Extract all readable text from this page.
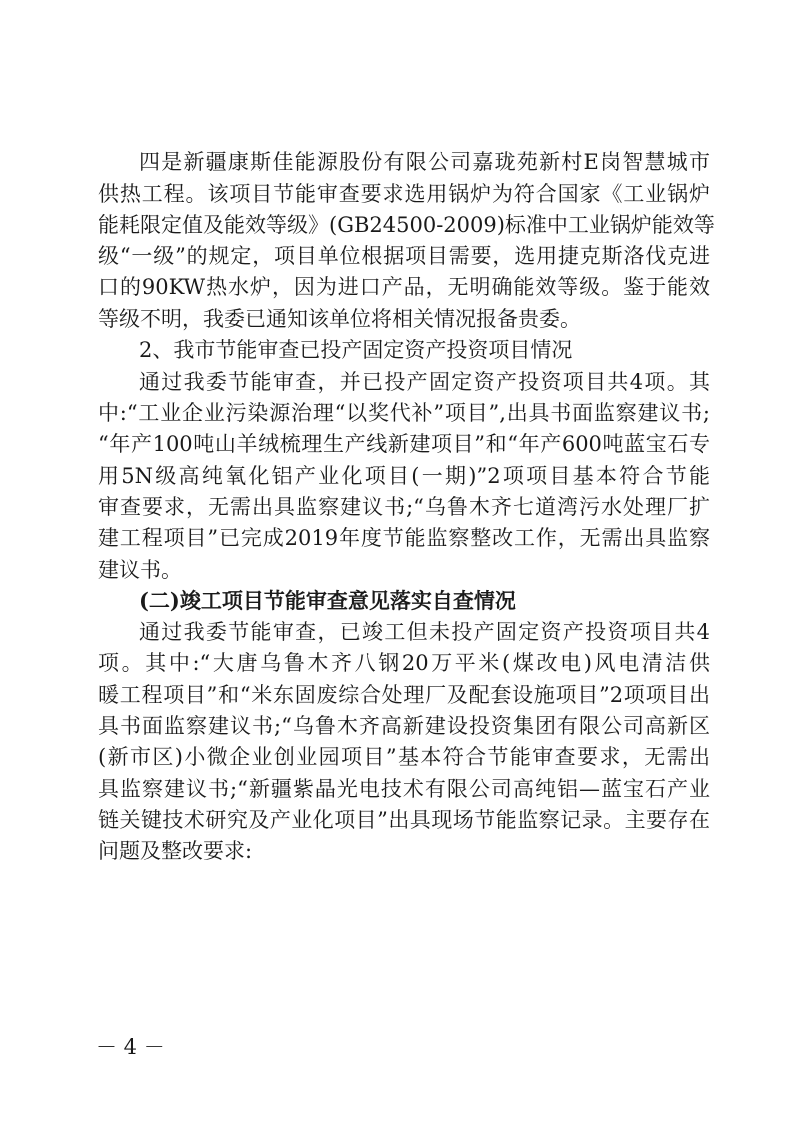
四是新疆康斯佳能源股份有限公司嘉珑苑新村E岗智慧城市
供热工程。该项目节能审查要求选用锅炉为符合国家《工业锅炉
能耗限定值及能效等级》(GB24500-2009)标准中工业锅炉能效等
级“一级”的规定，项目单位根据项目需要，选用捷克斯洛伐克进
口的90KW热水炉，因为进口产品，无明确能效等级。鉴于能效
等级不明，我委已通知该单位将相关情况报备贵委。
2、我市节能审查已投产固定资产投资项目情况
通过我委节能审查，并已投产固定资产投资项目共4项。其
中:“工业企业污染源治理“以奖代补”项目”,出具书面监察建议书;
“年产100吨山羊绒梳理生产线新建项目”和“年产600吨蓝宝石专
用5N级高纯氧化铝产业化项目(一期)”2项项目基本符合节能
审查要求，无需出具监察建议书;“乌鲁木齐七道湾污水处理厂扩
建工程项目”已完成2019年度节能监察整改工作，无需出具监察
建议书。
(二)竣工项目节能审查意见落实自查情况
通过我委节能审查，已竣工但未投产固定资产投资项目共4
项。其中:“大唐乌鲁木齐八钢20万平米(煤改电)风电清洁供
暖工程项目”和“米东固废综合处理厂及配套设施项目”2项项目出
具书面监察建议书;“乌鲁木齐高新建设投资集团有限公司高新区
(新市区)小微企业创业园项目”基本符合节能审查要求，无需出
具监察建议书;“新疆紫晶光电技术有限公司高纯铝—蓝宝石产业
链关键技术研究及产业化项目”出具现场节能监察记录。主要存在
问题及整改要求:
－ 4 －
